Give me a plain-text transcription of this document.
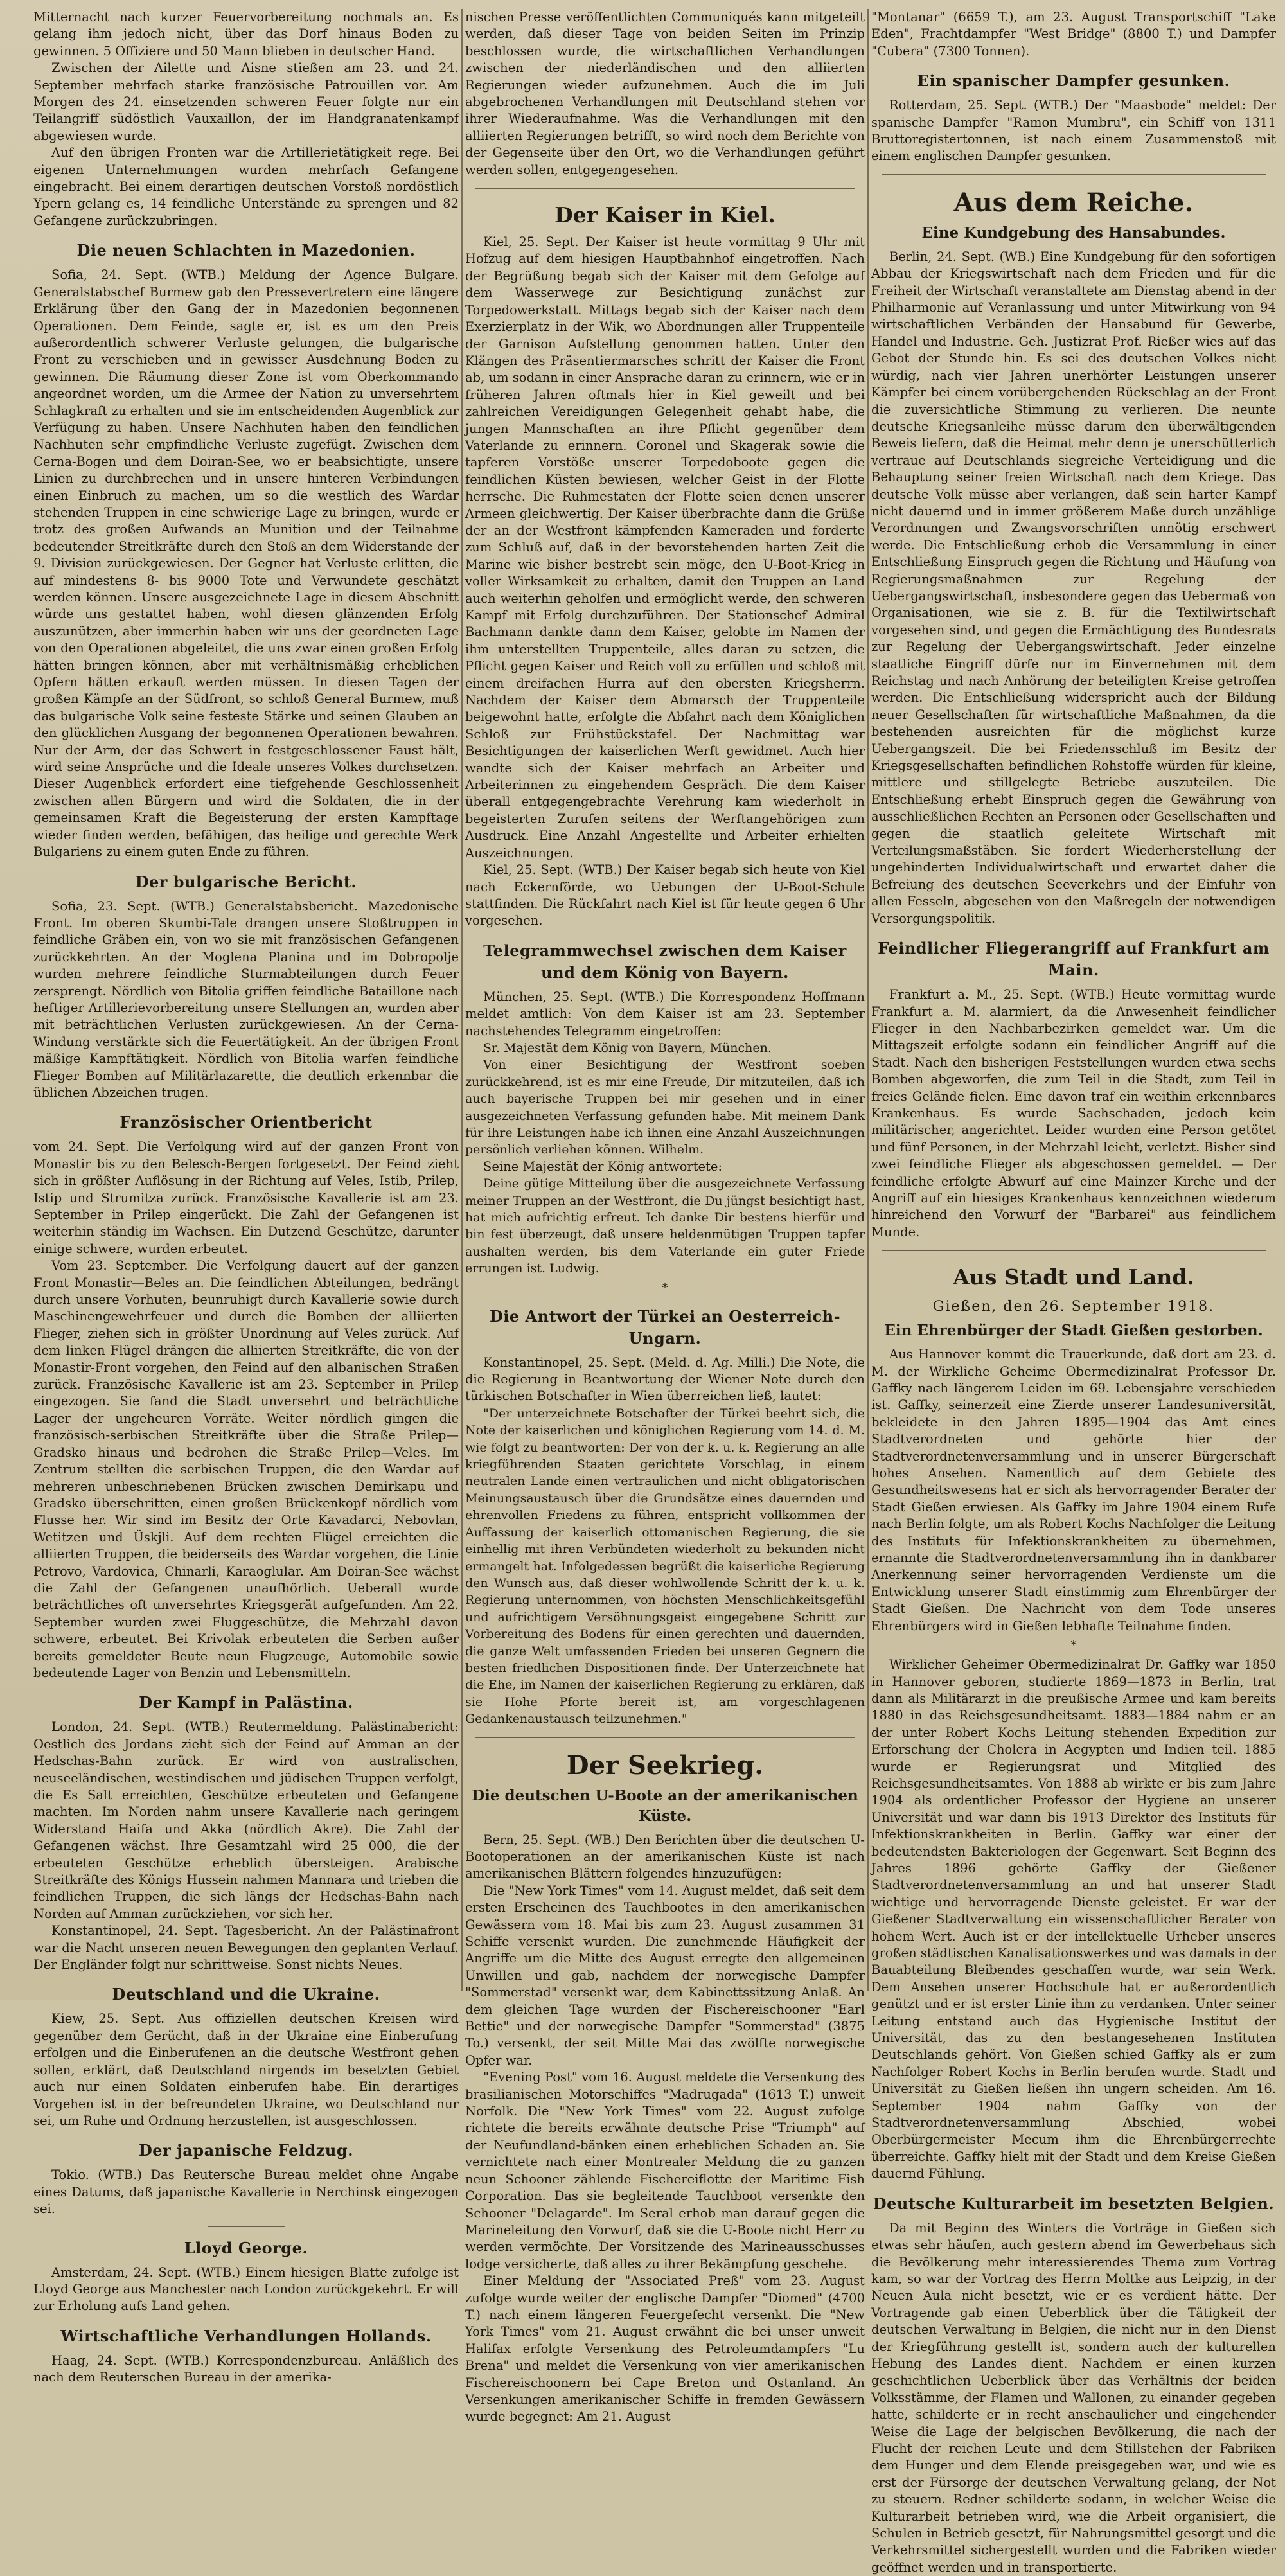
Mitternacht nach kurzer Feuervorbereitung nochmals an. Es gelang ihm jedoch nicht, über das Dorf hinaus Boden zu gewinnen. 5 Offiziere und 50 Mann blieben in deutscher Hand.

Zwischen der Ailette und Aisne stießen am 23. und 24. September mehrfach starke französische Patrouillen vor. Am Morgen des 24. einsetzenden schweren Feuer folgte nur ein Teilangriff südöstlich Vauxaillon, der im Handgranatenkampf abgewiesen wurde.

Auf den übrigen Fronten war die Artillerietätigkeit rege. Bei eigenen Unternehmungen wurden mehrfach Gefangene eingebracht. Bei einem derartigen deutschen Vorstoß nordöstlich Ypern gelang es, 14 feindliche Unterstände zu sprengen und 82 Gefangene zurückzubringen.

Die neuen Schlachten in Mazedonien.

Sofia, 24. Sept. (WTB.) Meldung der Agence Bulgare. Generalstabschef Burmew gab den Pressevertretern eine längere Erklärung über den Gang der in Mazedonien begonnenen Operationen. Dem Feinde, sagte er, ist es um den Preis außerordentlich schwerer Verluste gelungen, die bulgarische Front zu verschieben und in gewisser Ausdehnung Boden zu gewinnen. Die Räumung dieser Zone ist vom Oberkommando angeordnet worden, um die Armee der Nation zu unversehrtem Schlagkraft zu erhalten und sie im entscheidenden Augenblick zur Verfügung zu haben. Unsere Nachhuten haben den feindlichen Nachhuten sehr empfindliche Verluste zugefügt. Zwischen dem Cerna-Bogen und dem Doiran-See, wo er beabsichtigte, unsere Linien zu durchbrechen und in unsere hinteren Verbindungen einen Einbruch zu machen, um so die westlich des Wardar stehenden Truppen in eine schwierige Lage zu bringen, wurde er trotz des großen Aufwands an Munition und der Teilnahme bedeutender Streitkräfte durch den Stoß an dem Widerstande der 9. Division zurückgewiesen. Der Gegner hat Verluste erlitten, die auf mindestens 8- bis 9000 Tote und Verwundete geschätzt werden können. Unsere ausgezeichnete Lage in diesem Abschnitt würde uns gestattet haben, wohl diesen glänzenden Erfolg auszunützen, aber immerhin haben wir uns der geordneten Lage von den Operationen abgeleitet, die uns zwar einen großen Erfolg hätten bringen können, aber mit verhältnismäßig erheblichen Opfern hätten erkauft werden müssen. In diesen Tagen der großen Kämpfe an der Südfront, so schloß General Burmew, muß das bulgarische Volk seine festeste Stärke und seinen Glauben an den glücklichen Ausgang der begonnenen Operationen bewahren. Nur der Arm, der das Schwert in festgeschlossener Faust hält, wird seine Ansprüche und die Ideale unseres Volkes durchsetzen. Dieser Augenblick erfordert eine tiefgehende Geschlossenheit zwischen allen Bürgern und wird die Soldaten, die in der gemeinsamen Kraft die Begeisterung der ersten Kampftage wieder finden werden, befähigen, das heilige und gerechte Werk Bulgariens zu einem guten Ende zu führen.

Der bulgarische Bericht.

Sofia, 23. Sept. (WTB.) Generalstabsbericht. Mazedonische Front. Im oberen Skumbi-Tale drangen unsere Stoßtruppen in feindliche Gräben ein, von wo sie mit französischen Gefangenen zurückkehrten. An der Moglena Planina und im Dobropolje wurden mehrere feindliche Sturmabteilungen durch Feuer zersprengt. Nördlich von Bitolia griffen feindliche Bataillone nach heftiger Artillerievorbereitung unsere Stellungen an, wurden aber mit beträchtlichen Verlusten zurückgewiesen. An der Cerna-Windung verstärkte sich die Feuertätigkeit. An der übrigen Front mäßige Kampftätigkeit. Nördlich von Bitolia warfen feindliche Flieger Bomben auf Militärlazarette, die deutlich erkennbar die üblichen Abzeichen trugen.

Französischer Orientbericht

vom 24. Sept. Die Verfolgung wird auf der ganzen Front von Monastir bis zu den Belesch-Bergen fortgesetzt. Der Feind zieht sich in größter Auflösung in der Richtung auf Veles, Istib, Prilep, Istip und Strumitza zurück. Französische Kavallerie ist am 23. September in Prilep eingerückt. Die Zahl der Gefangenen ist weiterhin ständig im Wachsen. Ein Dutzend Geschütze, darunter einige schwere, wurden erbeutet.

Vom 23. September. Die Verfolgung dauert auf der ganzen Front Monastir—Beles an. Die feindlichen Abteilungen, bedrängt durch unsere Vorhuten, beunruhigt durch Kavallerie sowie durch Maschinengewehrfeuer und durch die Bomben der alliierten Flieger, ziehen sich in größter Unordnung auf Veles zurück. Auf dem linken Flügel drängen die alliierten Streitkräfte, die von der Monastir-Front vorgehen, den Feind auf den albanischen Straßen zurück. Französische Kavallerie ist am 23. September in Prilep eingezogen. Sie fand die Stadt unversehrt und beträchtliche Lager der ungeheuren Vorräte. Weiter nördlich gingen die französisch-serbischen Streitkräfte über die Straße Prilep—Gradsko hinaus und bedrohen die Straße Prilep—Veles. Im Zentrum stellten die serbischen Truppen, die den Wardar auf mehreren unbeschriebenen Brücken zwischen Demirkapu und Gradsko überschritten, einen großen Brückenkopf nördlich vom Flusse her. Wir sind im Besitz der Orte Kavadarci, Nebovlan, Wetitzen und Üskjli. Auf dem rechten Flügel erreichten die alliierten Truppen, die beiderseits des Wardar vorgehen, die Linie Petrovo, Vardovica, Chinarli, Karaoglular. Am Doiran-See wächst die Zahl der Gefangenen unaufhörlich. Ueberall wurde beträchtliches oft unversehrtes Kriegsgerät aufgefunden. Am 22. September wurden zwei Fluggeschütze, die Mehrzahl davon schwere, erbeutet. Bei Krivolak erbeuteten die Serben außer bereits gemeldeter Beute neun Flugzeuge, Automobile sowie bedeutende Lager von Benzin und Lebensmitteln.

Der Kampf in Palästina.

London, 24. Sept. (WTB.) Reutermeldung. Palästinabericht: Oestlich des Jordans zieht sich der Feind auf Amman an der Hedschas-Bahn zurück. Er wird von australischen, neuseeländischen, westindischen und jüdischen Truppen verfolgt, die Es Salt erreichten, Geschütze erbeuteten und Gefangene machten. Im Norden nahm unsere Kavallerie nach geringem Widerstand Haifa und Akka (nördlich Akre). Die Zahl der Gefangenen wächst. Ihre Gesamtzahl wird 25 000, die der erbeuteten Geschütze erheblich übersteigen. Arabische Streitkräfte des Königs Hussein nahmen Mannara und trieben die feindlichen Truppen, die sich längs der Hedschas-Bahn nach Norden auf Amman zurückziehen, vor sich her.

Konstantinopel, 24. Sept. Tagesbericht. An der Palästinafront war die Nacht unseren neuen Bewegungen den geplanten Verlauf. Der Engländer folgt nur schrittweise. Sonst nichts Neues.

Deutschland und die Ukraine.

Kiew, 25. Sept. Aus offiziellen deutschen Kreisen wird gegenüber dem Gerücht, daß in der Ukraine eine Einberufung erfolgen und die Einberufenen an die deutsche Westfront gehen sollen, erklärt, daß Deutschland nirgends im besetzten Gebiet auch nur einen Soldaten einberufen habe. Ein derartiges Vorgehen ist in der befreundeten Ukraine, wo Deutschland nur sei, um Ruhe und Ordnung herzustellen, ist ausgeschlossen.

Der japanische Feldzug.

Tokio. (WTB.) Das Reutersche Bureau meldet ohne Angabe eines Datums, daß japanische Kavallerie in Nerchinsk eingezogen sei.

Lloyd George.

Amsterdam, 24. Sept. (WTB.) Einem hiesigen Blatte zufolge ist Lloyd George aus Manchester nach London zurückgekehrt. Er will zur Erholung aufs Land gehen.

Wirtschaftliche Verhandlungen Hollands.

Haag, 24. Sept. (WTB.) Korrespondenzbureau. Anläßlich des nach dem Reuterschen Bureau in der amerika-

nischen Presse veröffentlichten Communiqués kann mitgeteilt werden, daß dieser Tage von beiden Seiten im Prinzip beschlossen wurde, die wirtschaftlichen Verhandlungen zwischen der niederländischen und den alliierten Regierungen wieder aufzunehmen. Auch die im Juli abgebrochenen Verhandlungen mit Deutschland stehen vor ihrer Wiederaufnahme. Was die Verhandlungen mit den alliierten Regierungen betrifft, so wird noch dem Berichte von der Gegenseite über den Ort, wo die Verhandlungen geführt werden sollen, entgegengesehen.

Der Kaiser in Kiel.

Kiel, 25. Sept. Der Kaiser ist heute vormittag 9 Uhr mit Hofzug auf dem hiesigen Hauptbahnhof eingetroffen. Nach der Begrüßung begab sich der Kaiser mit dem Gefolge auf dem Wasserwege zur Besichtigung zunächst zur Torpedowerkstatt. Mittags begab sich der Kaiser nach dem Exerzierplatz in der Wik, wo Abordnungen aller Truppenteile der Garnison Aufstellung genommen hatten. Unter den Klängen des Präsentiermarsches schritt der Kaiser die Front ab, um sodann in einer Ansprache daran zu erinnern, wie er in früheren Jahren oftmals hier in Kiel geweilt und bei zahlreichen Vereidigungen Gelegenheit gehabt habe, die jungen Mannschaften an ihre Pflicht gegenüber dem Vaterlande zu erinnern. Coronel und Skagerak sowie die tapferen Vorstöße unserer Torpedoboote gegen die feindlichen Küsten bewiesen, welcher Geist in der Flotte herrsche. Die Ruhmestaten der Flotte seien denen unserer Armeen gleichwertig. Der Kaiser überbrachte dann die Grüße der an der Westfront kämpfenden Kameraden und forderte zum Schluß auf, daß in der bevorstehenden harten Zeit die Marine wie bisher bestrebt sein möge, den U-Boot-Krieg in voller Wirksamkeit zu erhalten, damit den Truppen an Land auch weiterhin geholfen und ermöglicht werde, den schweren Kampf mit Erfolg durchzuführen. Der Stationschef Admiral Bachmann dankte dann dem Kaiser, gelobte im Namen der ihm unterstellten Truppenteile, alles daran zu setzen, die Pflicht gegen Kaiser und Reich voll zu erfüllen und schloß mit einem dreifachen Hurra auf den obersten Kriegsherrn. Nachdem der Kaiser dem Abmarsch der Truppenteile beigewohnt hatte, erfolgte die Abfahrt nach dem Königlichen Schloß zur Frühstückstafel. Der Nachmittag war Besichtigungen der kaiserlichen Werft gewidmet. Auch hier wandte sich der Kaiser mehrfach an Arbeiter und Arbeiterinnen zu eingehendem Gespräch. Die dem Kaiser überall entgegengebrachte Verehrung kam wiederholt in begeisterten Zurufen seitens der Werftangehörigen zum Ausdruck. Eine Anzahl Angestellte und Arbeiter erhielten Auszeichnungen.

Kiel, 25. Sept. (WTB.) Der Kaiser begab sich heute von Kiel nach Eckernförde, wo Uebungen der U-Boot-Schule stattfinden. Die Rückfahrt nach Kiel ist für heute gegen 6 Uhr vorgesehen.

Telegrammwechsel zwischen dem Kaiser und dem König von Bayern.

München, 25. Sept. (WTB.) Die Korrespondenz Hoffmann meldet amtlich: Von dem Kaiser ist am 23. September nachstehendes Telegramm eingetroffen:

Sr. Majestät dem König von Bayern, München.

Von einer Besichtigung der Westfront soeben zurückkehrend, ist es mir eine Freude, Dir mitzuteilen, daß ich auch bayerische Truppen bei mir gesehen und in einer ausgezeichneten Verfassung gefunden habe. Mit meinem Dank für ihre Leistungen habe ich ihnen eine Anzahl Auszeichnungen persönlich verliehen können. Wilhelm.

Seine Majestät der König antwortete:

Deine gütige Mitteilung über die ausgezeichnete Verfassung meiner Truppen an der Westfront, die Du jüngst besichtigt hast, hat mich aufrichtig erfreut. Ich danke Dir bestens hierfür und bin fest überzeugt, daß unsere heldenmütigen Truppen tapfer aushalten werden, bis dem Vaterlande ein guter Friede errungen ist. Ludwig.

*
Die Antwort der Türkei an Oesterreich-Ungarn.

Konstantinopel, 25. Sept. (Meld. d. Ag. Milli.) Die Note, die die Regierung in Beantwortung der Wiener Note durch den türkischen Botschafter in Wien überreichen ließ, lautet:

"Der unterzeichnete Botschafter der Türkei beehrt sich, die Note der kaiserlichen und königlichen Regierung vom 14. d. M. wie folgt zu beantworten: Der von der k. u. k. Regierung an alle kriegführenden Staaten gerichtete Vorschlag, in einem neutralen Lande einen vertraulichen und nicht obligatorischen Meinungsaustausch über die Grundsätze eines dauernden und ehrenvollen Friedens zu führen, entspricht vollkommen der Auffassung der kaiserlich ottomanischen Regierung, die sie einhellig mit ihren Verbündeten wiederholt zu bekunden nicht ermangelt hat. Infolgedessen begrüßt die kaiserliche Regierung den Wunsch aus, daß dieser wohlwollende Schritt der k. u. k. Regierung unternommen, von höchsten Menschlichkeitsgefühl und aufrichtigem Versöhnungsgeist eingegebene Schritt zur Vorbereitung des Bodens für einen gerechten und dauernden, die ganze Welt umfassenden Frieden bei unseren Gegnern die besten friedlichen Dispositionen finde. Der Unterzeichnete hat die Ehe, im Namen der kaiserlichen Regierung zu erklären, daß sie Hohe Pforte bereit ist, am vorgeschlagenen Gedankenaustausch teilzunehmen."

Der Seekrieg.
Die deutschen U-Boote an der amerikanischen Küste.

Bern, 25. Sept. (WB.) Den Berichten über die deutschen U-Bootoperationen an der amerikanischen Küste ist nach amerikanischen Blättern folgendes hinzuzufügen:

Die "New York Times" vom 14. August meldet, daß seit dem ersten Erscheinen des Tauchbootes in den amerikanischen Gewässern vom 18. Mai bis zum 23. August zusammen 31 Schiffe versenkt wurden. Die zunehmende Häufigkeit der Angriffe um die Mitte des August erregte den allgemeinen Unwillen und gab, nachdem der norwegische Dampfer "Sommerstad" versenkt war, dem Kabinettssitzung Anlaß. An dem gleichen Tage wurden der Fischereischooner "Earl Bettie" und der norwegische Dampfer "Sommerstad" (3875 To.) versenkt, der seit Mitte Mai das zwölfte norwegische Opfer war.

"Evening Post" vom 16. August meldete die Versenkung des brasilianischen Motorschiffes "Madrugada" (1613 T.) unweit Norfolk. Die "New York Times" vom 22. August zufolge richtete die bereits erwähnte deutsche Prise "Triumph" auf der Neufundland-bänken einen erheblichen Schaden an. Sie vernichtete nach einer Montrealer Meldung die zu ganzen neun Schooner zählende Fischereiflotte der Maritime Fish Corporation. Das sie begleitende Tauchboot versenkte den Schooner "Delagarde". Im Seral erhob man darauf gegen die Marineleitung den Vorwurf, daß sie die U-Boote nicht Herr zu werden vermöchte. Der Vorsitzende des Marineausschusses lodge versicherte, daß alles zu ihrer Bekämpfung geschehe.

Einer Meldung der "Associated Preß" vom 23. August zufolge wurde weiter der englische Dampfer "Diomed" (4700 T.) nach einem längeren Feuergefecht versenkt. Die "New York Times" vom 21. August erwähnt die bei unser unweit Halifax erfolgte Versenkung des Petroleumdampfers "Lu Brena" und meldet die Versenkung von vier amerikanischen Fischereischoonern bei Cape Breton und Ostanland. An Versenkungen amerikanischer Schiffe in fremden Gewässern wurde begegnet: Am 21. August

"Montanar" (6659 T.), am 23. August Transportschiff "Lake Eden", Frachtdampfer "West Bridge" (8800 T.) und Dampfer "Cubera" (7300 Tonnen).

Ein spanischer Dampfer gesunken.

Rotterdam, 25. Sept. (WTB.) Der "Maasbode" meldet: Der spanische Dampfer "Ramon Mumbru", ein Schiff von 1311 Bruttoregistertonnen, ist nach einem Zusammenstoß mit einem englischen Dampfer gesunken.

Aus dem Reiche.
Eine Kundgebung des Hansabundes.

Berlin, 24. Sept. (WB.) Eine Kundgebung für den sofortigen Abbau der Kriegswirtschaft nach dem Frieden und für die Freiheit der Wirtschaft veranstaltete am Dienstag abend in der Philharmonie auf Veranlassung und unter Mitwirkung von 94 wirtschaftlichen Verbänden der Hansabund für Gewerbe, Handel und Industrie. Geh. Justizrat Prof. Rießer wies auf das Gebot der Stunde hin. Es sei des deutschen Volkes nicht würdig, nach vier Jahren unerhörter Leistungen unserer Kämpfer bei einem vorübergehenden Rückschlag an der Front die zuversichtliche Stimmung zu verlieren. Die neunte deutsche Kriegsanleihe müsse darum den überwältigenden Beweis liefern, daß die Heimat mehr denn je unerschütterlich vertraue auf Deutschlands siegreiche Verteidigung und die Behauptung seiner freien Wirtschaft nach dem Kriege. Das deutsche Volk müsse aber verlangen, daß sein harter Kampf nicht dauernd und in immer größerem Maße durch unzählige Verordnungen und Zwangsvorschriften unnötig erschwert werde. Die Entschließung erhob die Versammlung in einer Entschließung Einspruch gegen die Richtung und Häufung von Regierungsmaßnahmen zur Regelung der Uebergangswirtschaft, insbesondere gegen das Uebermaß von Organisationen, wie sie z. B. für die Textilwirtschaft vorgesehen sind, und gegen die Ermächtigung des Bundesrats zur Regelung der Uebergangswirtschaft. Jeder einzelne staatliche Eingriff dürfe nur im Einvernehmen mit dem Reichstag und nach Anhörung der beteiligten Kreise getroffen werden. Die Entschließung widerspricht auch der Bildung neuer Gesellschaften für wirtschaftliche Maßnahmen, da die bestehenden ausreichten für die möglichst kurze Uebergangszeit. Die bei Friedensschluß im Besitz der Kriegsgesellschaften befindlichen Rohstoffe würden für kleine, mittlere und stillgelegte Betriebe auszuteilen. Die Entschließung erhebt Einspruch gegen die Gewährung von ausschließlichen Rechten an Personen oder Gesellschaften und gegen die staatlich geleitete Wirtschaft mit Verteilungsmaßstäben. Sie fordert Wiederherstellung der ungehinderten Individualwirtschaft und erwartet daher die Befreiung des deutschen Seeverkehrs und der Einfuhr von allen Fesseln, abgesehen von den Maßregeln der notwendigen Versorgungspolitik.

Feindlicher Fliegerangriff auf Frankfurt am Main.

Frankfurt a. M., 25. Sept. (WTB.) Heute vormittag wurde Frankfurt a. M. alarmiert, da die Anwesenheit feindlicher Flieger in den Nachbarbezirken gemeldet war. Um die Mittagszeit erfolgte sodann ein feindlicher Angriff auf die Stadt. Nach den bisherigen Feststellungen wurden etwa sechs Bomben abgeworfen, die zum Teil in die Stadt, zum Teil in freies Gelände fielen. Eine davon traf ein weithin erkennbares Krankenhaus. Es wurde Sachschaden, jedoch kein militärischer, angerichtet. Leider wurden eine Person getötet und fünf Personen, in der Mehrzahl leicht, verletzt. Bisher sind zwei feindliche Flieger als abgeschossen gemeldet. — Der feindliche erfolgte Abwurf auf eine Mainzer Kirche und der Angriff auf ein hiesiges Krankenhaus kennzeichnen wiederum hinreichend den Vorwurf der "Barbarei" aus feindlichem Munde.

Aus Stadt und Land.
Gießen, den 26. September 1918.
Ein Ehrenbürger der Stadt Gießen gestorben.

Aus Hannover kommt die Trauerkunde, daß dort am 23. d. M. der Wirkliche Geheime Obermedizinalrat Professor Dr. Gaffky nach längerem Leiden im 69. Lebensjahre verschieden ist. Gaffky, seinerzeit eine Zierde unserer Landesuniversität, bekleidete in den Jahren 1895—1904 das Amt eines Stadtverordneten und gehörte hier der Stadtverordnetenversammlung und in unserer Bürgerschaft hohes Ansehen. Namentlich auf dem Gebiete des Gesundheitswesens hat er sich als hervorragender Berater der Stadt Gießen erwiesen. Als Gaffky im Jahre 1904 einem Rufe nach Berlin folgte, um als Robert Kochs Nachfolger die Leitung des Instituts für Infektionskrankheiten zu übernehmen, ernannte die Stadtverordnetenversammlung ihn in dankbarer Anerkennung seiner hervorragenden Verdienste um die Entwicklung unserer Stadt einstimmig zum Ehrenbürger der Stadt Gießen. Die Nachricht von dem Tode unseres Ehrenbürgers wird in Gießen lebhafte Teilnahme finden.

*

Wirklicher Geheimer Obermedizinalrat Dr. Gaffky war 1850 in Hannover geboren, studierte 1869—1873 in Berlin, trat dann als Militärarzt in die preußische Armee und kam bereits 1880 in das Reichsgesundheitsamt. 1883—1884 nahm er an der unter Robert Kochs Leitung stehenden Expedition zur Erforschung der Cholera in Aegypten und Indien teil. 1885 wurde er Regierungsrat und Mitglied des Reichsgesundheitsamtes. Von 1888 ab wirkte er bis zum Jahre 1904 als ordentlicher Professor der Hygiene an unserer Universität und war dann bis 1913 Direktor des Instituts für Infektionskrankheiten in Berlin. Gaffky war einer der bedeutendsten Bakteriologen der Gegenwart. Seit Beginn des Jahres 1896 gehörte Gaffky der Gießener Stadtverordnetenversammlung an und hat unserer Stadt wichtige und hervorragende Dienste geleistet. Er war der Gießener Stadtverwaltung ein wissenschaftlicher Berater von hohem Wert. Auch ist er der intellektuelle Urheber unseres großen städtischen Kanalisationswerkes und was damals in der Bauabteilung Bleibendes geschaffen wurde, war sein Werk. Dem Ansehen unserer Hochschule hat er außerordentlich genützt und er ist erster Linie ihm zu verdanken. Unter seiner Leitung entstand auch das Hygienische Institut der Universität, das zu den bestangesehenen Instituten Deutschlands gehört. Von Gießen schied Gaffky als er zum Nachfolger Robert Kochs in Berlin berufen wurde. Stadt und Universität zu Gießen ließen ihn ungern scheiden. Am 16. September 1904 nahm Gaffky von der Stadtverordnetenversammlung Abschied, wobei Oberbürgermeister Mecum ihm die Ehrenbürgerrechte überreichte. Gaffky hielt mit der Stadt und dem Kreise Gießen dauernd Fühlung.

Deutsche Kulturarbeit im besetzten Belgien.

Da mit Beginn des Winters die Vorträge in Gießen sich etwas sehr häufen, auch gestern abend im Gewerbehaus sich die Bevölkerung mehr interessierendes Thema zum Vortrag kam, so war der Vortrag des Herrn Moltke aus Leipzig, in der Neuen Aula nicht besetzt, wie er es verdient hätte. Der Vortragende gab einen Ueberblick über die Tätigkeit der deutschen Verwaltung in Belgien, die nicht nur in den Dienst der Kriegführung gestellt ist, sondern auch der kulturellen Hebung des Landes dient. Nachdem er einen kurzen geschichtlichen Ueberblick über das Verhältnis der beiden Volksstämme, der Flamen und Wallonen, zu einander gegeben hatte, schilderte er in recht anschaulicher und eingehender Weise die Lage der belgischen Bevölkerung, die nach der Flucht der reichen Leute und dem Stillstehen der Fabriken dem Hunger und dem Elende preisgegeben war, und wie es erst der Fürsorge der deutschen Verwaltung gelang, der Not zu steuern. Redner schilderte sodann, in welcher Weise die Kulturarbeit betrieben wird, wie die Arbeit organisiert, die Schulen in Betrieb gesetzt, für Nahrungsmittel gesorgt und die Verkehrsmittel sichergestellt wurden und die Fabriken wieder geöffnet werden und in transportierte.
